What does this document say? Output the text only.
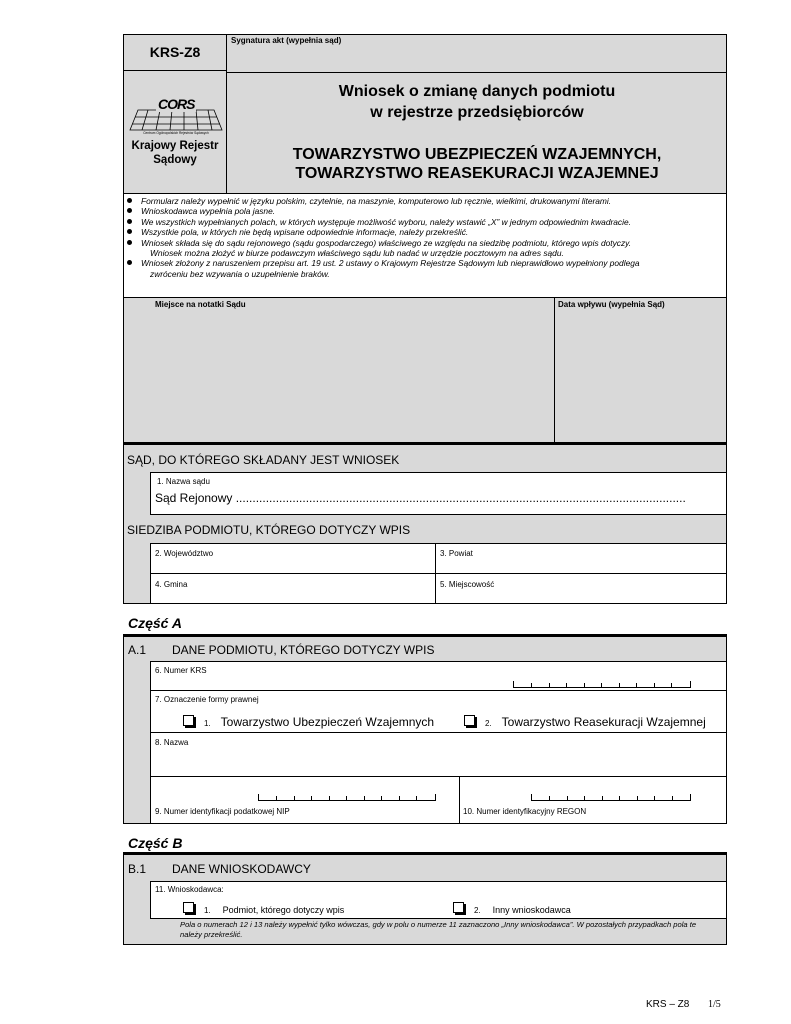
KRS-Z8
Sygnatura akt (wypełnia sąd)
CORS
Centrum Ogólnopolskich Rejestrów Sądowych
Krajowy Rejestr Sądowy
Wniosek o zmianę danych podmiotu
w rejestrze przedsiębiorców
TOWARZYSTWO UBEZPIECZEŃ WZAJEMNYCH,
TOWARZYSTWO REASEKURACJI WZAJEMNEJ
Formularz należy wypełnić w języku polskim, czytelnie, na maszynie, komputerowo lub ręcznie, wielkimi, drukowanymi literami.
Wnioskodawca wypełnia pola jasne.
We wszystkich wypełnianych polach, w których występuje możliwość wyboru, należy wstawić „X” w jednym odpowiednim kwadracie.
Wszystkie pola, w których nie będą wpisane odpowiednie informacje, należy przekreślić.
Wniosek składa się do sądu rejonowego (sądu gospodarczego) właściwego ze względu na siedzibę podmiotu, którego wpis dotyczy.
Wniosek można złożyć w biurze podawczym właściwego sądu lub nadać w urzędzie pocztowym na adres sądu.
Wniosek złożony z naruszeniem przepisu art. 19 ust. 2 ustawy o Krajowym Rejestrze Sądowym lub nieprawidłowo wypełniony podlega
zwróceniu bez wzywania o uzupełnienie braków.
Miejsce na notatki Sądu	Data wpływu (wypełnia Sąd)
SĄD, DO KTÓREGO SKŁADANY JEST WNIOSEK
1. Nazwa sądu
Sąd Rejonowy .......................................................................................................................................
SIEDZIBA PODMIOTU, KTÓREGO DOTYCZY WPIS
2. Województwo	3. Powiat
4. Gmina	5. Miejscowość
Część A
A.1 DANE PODMIOTU, KTÓREGO DOTYCZY WPIS
6. Numer KRS
7. Oznaczenie formy prawnej
1. Towarzystwo Ubezpieczeń Wzajemnych	2. Towarzystwo Reasekuracji Wzajemnej
8. Nazwa
9. Numer identyfikacji podatkowej NIP	10. Numer identyfikacyjny REGON
Część B
B.1 DANE WNIOSKODAWCY
11. Wnioskodawca:
1. Podmiot, którego dotyczy wpis	2. Inny wnioskodawca
Pola o numerach 12 i 13 należy wypełnić tylko wówczas, gdy w polu o numerze 11 zaznaczono „Inny wnioskodawca”. W pozostałych przypadkach pola te należy przekreślić.
KRS – Z8 1/5
